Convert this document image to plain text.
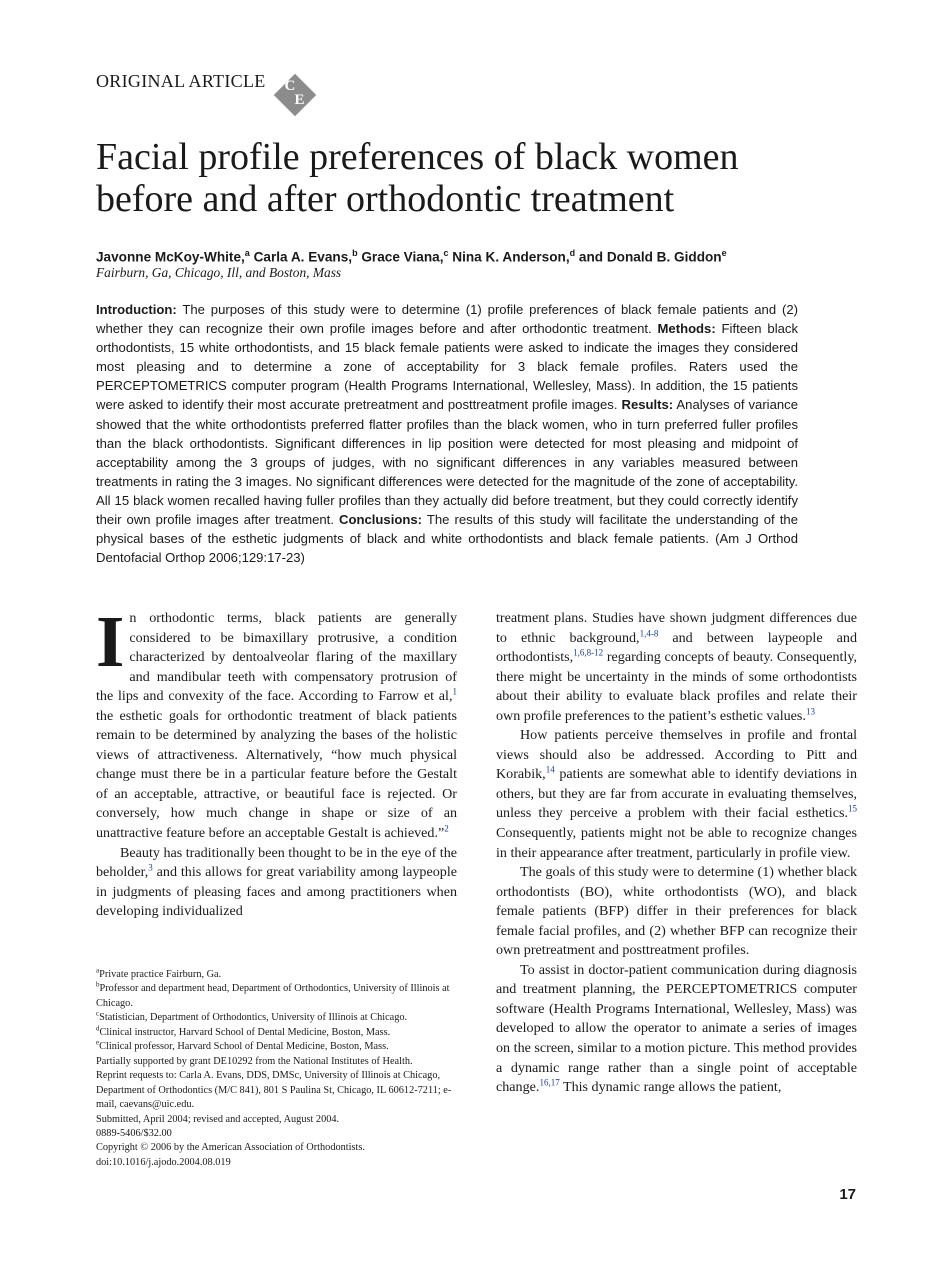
ORIGINAL ARTICLE C
E
Facial profile preferences of black women
before and after orthodontic treatment
Javonne McKoy-White,$^a$ Carla A. Evans,$^b$ Grace Viana,$^c$ Nina K. Anderson,$^d$ and Donald B. Giddon$^e$
Fairburn, Ga, Chicago, Ill, and Boston, Mass

Introduction: The purposes of this study were to determine (1) profile preferences of black female patients and (2) whether they can recognize their own profile images before and after orthodontic treatment. Methods: Fifteen black orthodontists, 15 white orthodontists, and 15 black female patients were asked to indicate the images they considered most pleasing and to determine a zone of acceptability for 3 black female profiles. Raters used the PERCEPTOMETRICS computer program (Health Programs International, Wellesley, Mass). In addition, the 15 patients were asked to identify their most accurate pretreatment and posttreatment profile images. Results: Analyses of variance showed that the white orthodontists preferred flatter profiles than the black women, who in turn preferred fuller profiles than the black orthodontists. Significant differences in lip position were detected for most pleasing and midpoint of acceptability among the 3 groups of judges, with no significant differences in any variables measured between treatments in rating the 3 images. No significant differences were detected for the magnitude of the zone of acceptability. All 15 black women recalled having fuller profiles than they actually did before treatment, but they could correctly identify their own profile images after treatment. Conclusions: The results of this study will facilitate the understanding of the physical bases of the esthetic judgments of black and white orthodontists and black female patients. (Am J Orthod Dentofacial Orthop 2006;129:17-23)

In orthodontic terms, black patients are generally considered to be bimaxillary protrusive, a condition characterized by dentoalveolar flaring of the maxillary and mandibular teeth with compensatory protrusion of the lips and convexity of the face. According to Farrow et al,$^1$ the esthetic goals for orthodontic treatment of black patients remain to be determined by analyzing the bases of the holistic views of attractiveness. Alternatively, “how much physical change must there be in a particular feature before the Gestalt of an acceptable, attractive, or beautiful face is rejected. Or conversely, how much change in shape or size of an unattractive feature before an acceptable Gestalt is achieved.”$^2$

Beauty has traditionally been thought to be in the eye of the beholder,$^3$ and this allows for great variability among laypeople in judgments of pleasing faces and among practitioners when developing individualized

$^a$Private practice Fairburn, Ga.
$^b$Professor and department head, Department of Orthodontics, University of Illinois at Chicago.
$^c$Statistician, Department of Orthodontics, University of Illinois at Chicago.
$^d$Clinical instructor, Harvard School of Dental Medicine, Boston, Mass.
$^e$Clinical professor, Harvard School of Dental Medicine, Boston, Mass.
Partially supported by grant DE10292 from the National Institutes of Health.
Reprint requests to: Carla A. Evans, DDS, DMSc, University of Illinois at Chicago, Department of Orthodontics (M/C 841), 801 S Paulina St, Chicago, IL 60612-7211; e-mail, caevans@uic.edu.
Submitted, April 2004; revised and accepted, August 2004.
0889-5406/$32.00
Copyright © 2006 by the American Association of Orthodontists.
doi:10.1016/j.ajodo.2004.08.019

treatment plans. Studies have shown judgment differences due to ethnic background,$^{1,4-8}$ and between laypeople and orthodontists,$^{1,6,8-12}$ regarding concepts of beauty. Consequently, there might be uncertainty in the minds of some orthodontists about their ability to evaluate black profiles and relate their own profile preferences to the patient’s esthetic values.$^{13}$

How patients perceive themselves in profile and frontal views should also be addressed. According to Pitt and Korabik,$^{14}$ patients are somewhat able to identify deviations in others, but they are far from accurate in evaluating themselves, unless they perceive a problem with their facial esthetics.$^{15}$ Consequently, patients might not be able to recognize changes in their appearance after treatment, particularly in profile view.

The goals of this study were to determine (1) whether black orthodontists (BO), white orthodontists (WO), and black female patients (BFP) differ in their preferences for black female facial profiles, and (2) whether BFP can recognize their own pretreatment and posttreatment profiles.

To assist in doctor-patient communication during diagnosis and treatment planning, the PERCEPTOMETRICS computer software (Health Programs International, Wellesley, Mass) was developed to allow the operator to animate a series of images on the screen, similar to a motion picture. This method provides a dynamic range rather than a single point of acceptable change.$^{16,17}$ This dynamic range allows the patient,

17
